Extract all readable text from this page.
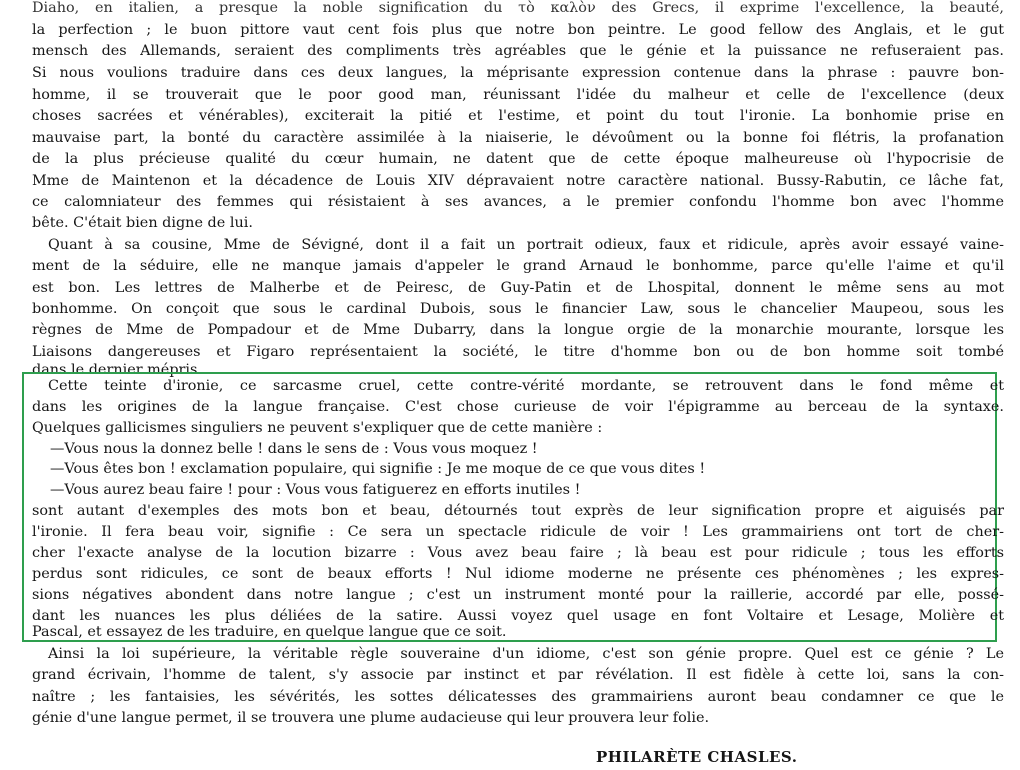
Diaho, en italien, a presque la noble signification du τὸ καλὸν des Grecs, il exprime l'excellence, la beauté,
la perfection ; le buon pittore vaut cent fois plus que notre bon peintre. Le good fellow des Anglais, et le gut
mensch des Allemands, seraient des compliments très agréables que le génie et la puissance ne refuseraient pas.
Si nous voulions traduire dans ces deux langues, la méprisante expression contenue dans la phrase : pauvre bon-
homme, il se trouverait que le poor good man, réunissant l'idée du malheur et celle de l'excellence (deux
choses sacrées et vénérables), exciterait la pitié et l'estime, et point du tout l'ironie. La bonhomie prise en
mauvaise part, la bonté du caractère assimilée à la niaiserie, le dévoûment ou la bonne foi flétris, la profanation
de la plus précieuse qualité du cœur humain, ne datent que de cette époque malheureuse où l'hypocrisie de
Mme de Maintenon et la décadence de Louis XIV dépravaient notre caractère national. Bussy-Rabutin, ce lâche fat,
ce calomniateur des femmes qui résistaient à ses avances, a le premier confondu l'homme bon avec l'homme
bête. C'était bien digne de lui.
Quant à sa cousine, Mme de Sévigné, dont il a fait un portrait odieux, faux et ridicule, après avoir essayé vaine-
ment de la séduire, elle ne manque jamais d'appeler le grand Arnaud le bonhomme, parce qu'elle l'aime et qu'il
est bon. Les lettres de Malherbe et de Peiresc, de Guy-Patin et de Lhospital, donnent le même sens au mot
bonhomme. On conçoit que sous le cardinal Dubois, sous le financier Law, sous le chancelier Maupeou, sous les
règnes de Mme de Pompadour et de Mme Dubarry, dans la longue orgie de la monarchie mourante, lorsque les
Liaisons dangereuses et Figaro représentaient la société, le titre d'homme bon ou de bon homme soit tombé
dans le dernier mépris.
Cette teinte d'ironie, ce sarcasme cruel, cette contre-vérité mordante, se retrouvent dans le fond même et
dans les origines de la langue française. C'est chose curieuse de voir l'épigramme au berceau de la syntaxe.
Quelques gallicismes singuliers ne peuvent s'expliquer que de cette manière :
—Vous nous la donnez belle ! dans le sens de : Vous vous moquez !
—Vous êtes bon ! exclamation populaire, qui signifie : Je me moque de ce que vous dites !
—Vous aurez beau faire ! pour : Vous vous fatiguerez en efforts inutiles !
sont autant d'exemples des mots bon et beau, détournés tout exprès de leur signification propre et aiguisés par
l'ironie. Il fera beau voir, signifie : Ce sera un spectacle ridicule de voir ! Les grammairiens ont tort de cher-
cher l'exacte analyse de la locution bizarre : Vous avez beau faire ; là beau est pour ridicule ; tous les efforts
perdus sont ridicules, ce sont de beaux efforts ! Nul idiome moderne ne présente ces phénomènes ; les expres-
sions négatives abondent dans notre langue ; c'est un instrument monté pour la raillerie, accordé par elle, possé-
dant les nuances les plus déliées de la satire. Aussi voyez quel usage en font Voltaire et Lesage, Molière et
Pascal, et essayez de les traduire, en quelque langue que ce soit.
Ainsi la loi supérieure, la véritable règle souveraine d'un idiome, c'est son génie propre. Quel est ce génie ? Le
grand écrivain, l'homme de talent, s'y associe par instinct et par révélation. Il est fidèle à cette loi, sans la con-
naître ; les fantaisies, les sévérités, les sottes délicatesses des grammairiens auront beau condamner ce que le
génie d'une langue permet, il se trouvera une plume audacieuse qui leur prouvera leur folie.
PHILARÈTE CHASLES.
